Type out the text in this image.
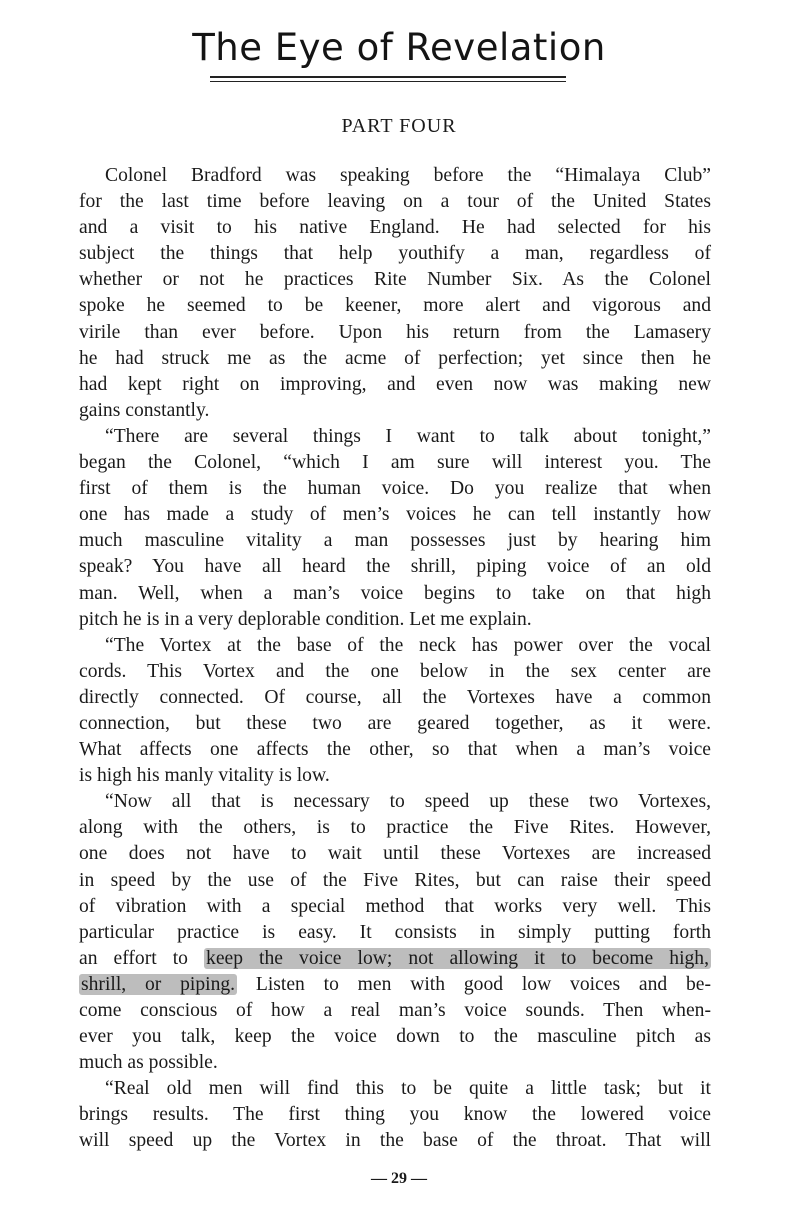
The Eye of Revelation
PART FOUR
Colonel Bradford was speaking before the “Himalaya Club”
for the last time before leaving on a tour of the United States
and a visit to his native England. He had selected for his
subject the things that help youthify a man, regardless of
whether or not he practices Rite Number Six. As the Colonel
spoke he seemed to be keener, more alert and vigorous and
virile than ever before. Upon his return from the Lamasery
he had struck me as the acme of perfection; yet since then he
had kept right on improving, and even now was making new
gains constantly.
“There are several things I want to talk about tonight,”
began the Colonel, “which I am sure will interest you. The
first of them is the human voice. Do you realize that when
one has made a study of men’s voices he can tell instantly how
much masculine vitality a man possesses just by hearing him
speak? You have all heard the shrill, piping voice of an old
man. Well, when a man’s voice begins to take on that high
pitch he is in a very deplorable condition. Let me explain.
“The Vortex at the base of the neck has power over the vocal
cords. This Vortex and the one below in the sex center are
directly connected. Of course, all the Vortexes have a common
connection, but these two are geared together, as it were.
What affects one affects the other, so that when a man’s voice
is high his manly vitality is low.
“Now all that is necessary to speed up these two Vortexes,
along with the others, is to practice the Five Rites. However,
one does not have to wait until these Vortexes are increased
in speed by the use of the Five Rites, but can raise their speed
of vibration with a special method that works very well. This
particular practice is easy. It consists in simply putting forth
an effort to keep the voice low; not allowing it to become high,
shrill, or piping. Listen to men with good low voices and be-
come conscious of how a real man’s voice sounds. Then when-
ever you talk, keep the voice down to the masculine pitch as
much as possible.
“Real old men will find this to be quite a little task; but it
brings results. The first thing you know the lowered voice
will speed up the Vortex in the base of the throat. That will
— 29 —
